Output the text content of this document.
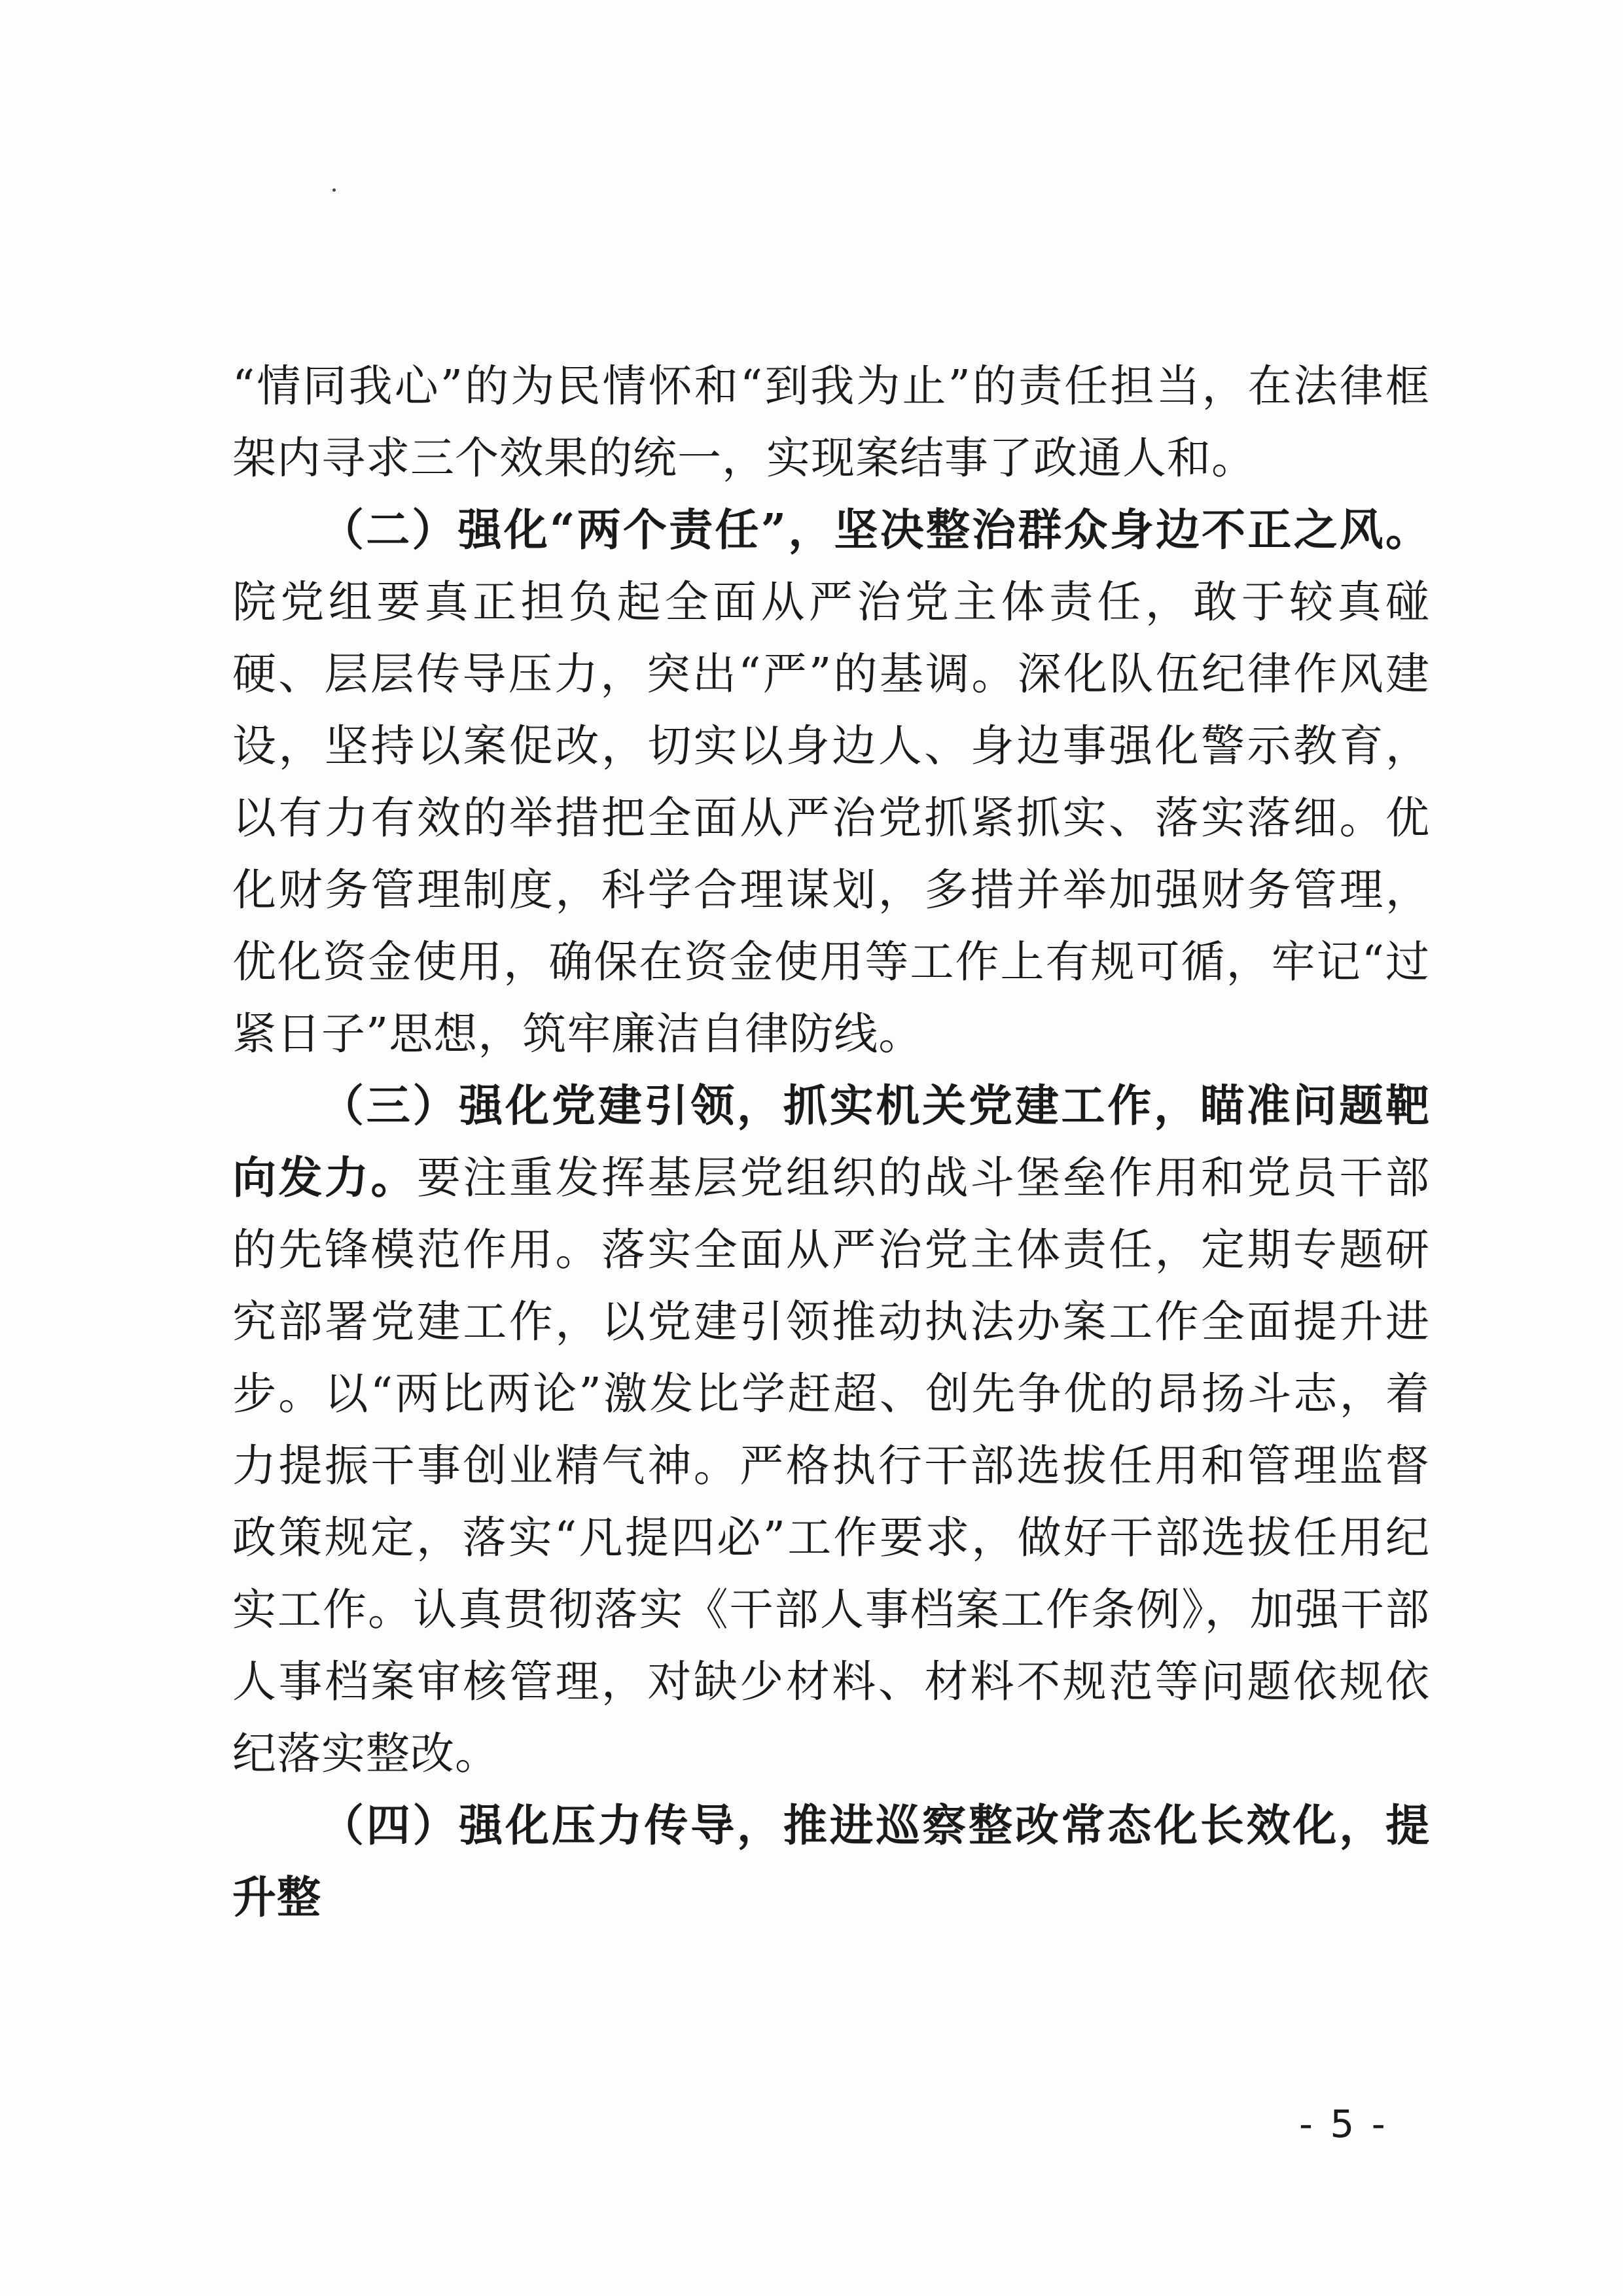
“情同我心”的为民情怀和“到我为止”的责任担当，在法律框架内寻求三个效果的统一，实现案结事了政通人和。

（二）强化“两个责任”，坚决整治群众身边不正之风。院党组要真正担负起全面从严治党主体责任，敢于较真碰硬、层层传导压力，突出“严”的基调。深化队伍纪律作风建设，坚持以案促改，切实以身边人、身边事强化警示教育，以有力有效的举措把全面从严治党抓紧抓实、落实落细。优化财务管理制度，科学合理谋划，多措并举加强财务管理，优化资金使用，确保在资金使用等工作上有规可循，牢记“过紧日子”思想，筑牢廉洁自律防线。

（三）强化党建引领，抓实机关党建工作，瞄准问题靶向发力。要注重发挥基层党组织的战斗堡垒作用和党员干部的先锋模范作用。落实全面从严治党主体责任，定期专题研究部署党建工作，以党建引领推动执法办案工作全面提升进步。以“两比两论”激发比学赶超、创先争优的昂扬斗志，着力提振干事创业精气神。严格执行干部选拔任用和管理监督政策规定，落实“凡提四必”工作要求，做好干部选拔任用纪实工作。认真贯彻落实《干部人事档案工作条例》，加强干部人事档案审核管理，对缺少材料、材料不规范等问题依规依纪落实整改。

（四）强化压力传导，推进巡察整改常态化长效化，提升整

- 5 -
